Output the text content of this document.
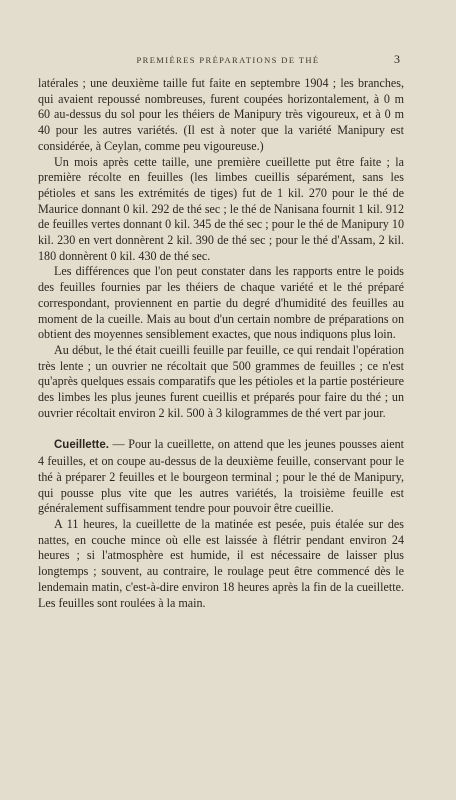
PREMIÈRES PRÉPARATIONS DE THÉ	3

latérales ; une deuxième taille fut faite en septembre 1904 ; les branches, qui avaient repoussé nombreuses, furent coupées horizontalement, à 0 m 60 au-dessus du sol pour les théiers de Manipury très vigoureux, et à 0 m 40 pour les autres variétés. (Il est à noter que la variété Manipury est considérée, à Ceylan, comme peu vigoureuse.)

Un mois après cette taille, une première cueillette put être faite ; la première récolte en feuilles (les limbes cueillis séparément, sans les pétioles et sans les extrémités de tiges) fut de 1 kil. 270 pour le thé de Maurice donnant 0 kil. 292 de thé sec ; le thé de Nanisana fournit 1 kil. 912 de feuilles vertes donnant 0 kil. 345 de thé sec ; pour le thé de Manipury 10 kil. 230 en vert donnèrent 2 kil. 390 de thé sec ; pour le thé d'Assam, 2 kil. 180 donnèrent 0 kil. 430 de thé sec.

Les différences que l'on peut constater dans les rapports entre le poids des feuilles fournies par les théiers de chaque variété et le thé préparé correspondant, proviennent en partie du degré d'humidité des feuilles au moment de la cueille. Mais au bout d'un certain nombre de préparations on obtient des moyennes sensiblement exactes, que nous indiquons plus loin.

Au début, le thé était cueilli feuille par feuille, ce qui rendait l'opération très lente ; un ouvrier ne récoltait que 500 grammes de feuilles ; ce n'est qu'après quelques essais comparatifs que les pétioles et la partie postérieure des limbes les plus jeunes furent cueillis et préparés pour faire du thé ; un ouvrier récoltait environ 2 kil. 500 à 3 kilogrammes de thé vert par jour.

Cueillette. — Pour la cueillette, on attend que les jeunes pousses aient 4 feuilles, et on coupe au-dessus de la deuxième feuille, conservant pour le thé à préparer 2 feuilles et le bourgeon terminal ; pour le thé de Manipury, qui pousse plus vite que les autres variétés, la troisième feuille est généralement suffisamment tendre pour pouvoir être cueillie.

A 11 heures, la cueillette de la matinée est pesée, puis étalée sur des nattes, en couche mince où elle est laissée à flétrir pendant environ 24 heures ; si l'atmosphère est humide, il est nécessaire de laisser plus longtemps ; souvent, au contraire, le roulage peut être commencé dès le lendemain matin, c'est-à-dire environ 18 heures après la fin de la cueillette. Les feuilles sont roulées à la main.
